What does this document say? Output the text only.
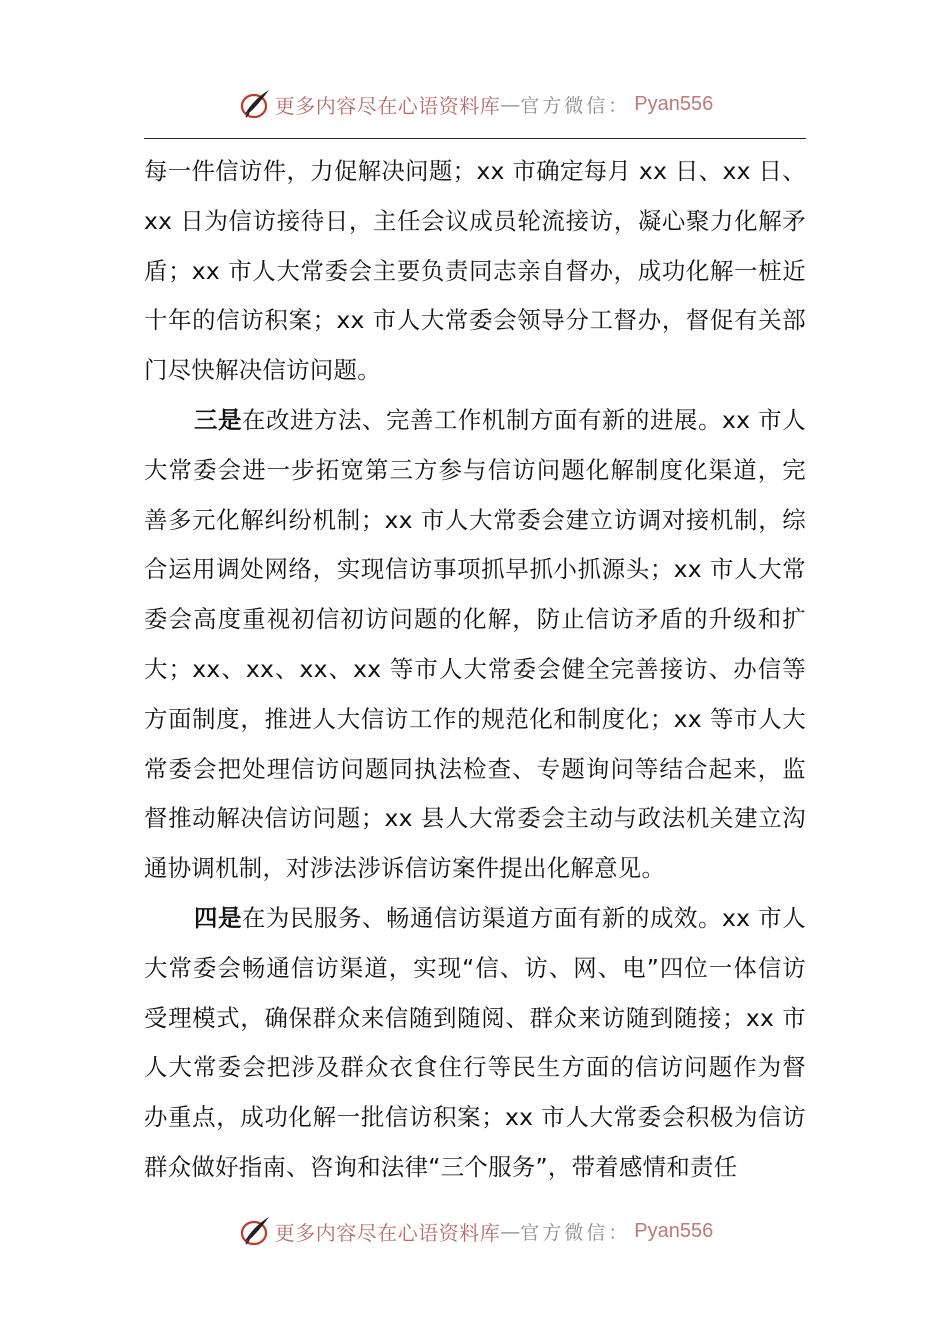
更多内容尽在心语资料库 — 官方微信： Pyan556

每一件信访件，力促解决问题；xx 市确定每月 xx 日、xx 日、xx 日为信访接待日，主任会议成员轮流接访，凝心聚力化解矛盾；xx 市人大常委会主要负责同志亲自督办，成功化解一桩近十年的信访积案；xx 市人大常委会领导分工督办，督促有关部门尽快解决信访问题。

三是在改进方法、完善工作机制方面有新的进展。xx 市人大常委会进一步拓宽第三方参与信访问题化解制度化渠道，完善多元化解纠纷机制；xx 市人大常委会建立访调对接机制，综合运用调处网络，实现信访事项抓早抓小抓源头；xx 市人大常委会高度重视初信初访问题的化解，防止信访矛盾的升级和扩大；xx、xx、xx、xx 等市人大常委会健全完善接访、办信等方面制度，推进人大信访工作的规范化和制度化；xx 等市人大常委会把处理信访问题同执法检查、专题询问等结合起来，监督推动解决信访问题；xx 县人大常委会主动与政法机关建立沟通协调机制，对涉法涉诉信访案件提出化解意见。

四是在为民服务、畅通信访渠道方面有新的成效。xx 市人大常委会畅通信访渠道，实现“信、访、网、电”四位一体信访受理模式，确保群众来信随到随阅、群众来访随到随接；xx 市人大常委会把涉及群众衣食住行等民生方面的信访问题作为督办重点，成功化解一批信访积案；xx 市人大常委会积极为信访群众做好指南、咨询和法律“三个服务”，带着感情和责任

更多内容尽在心语资料库 — 官方微信： Pyan556
